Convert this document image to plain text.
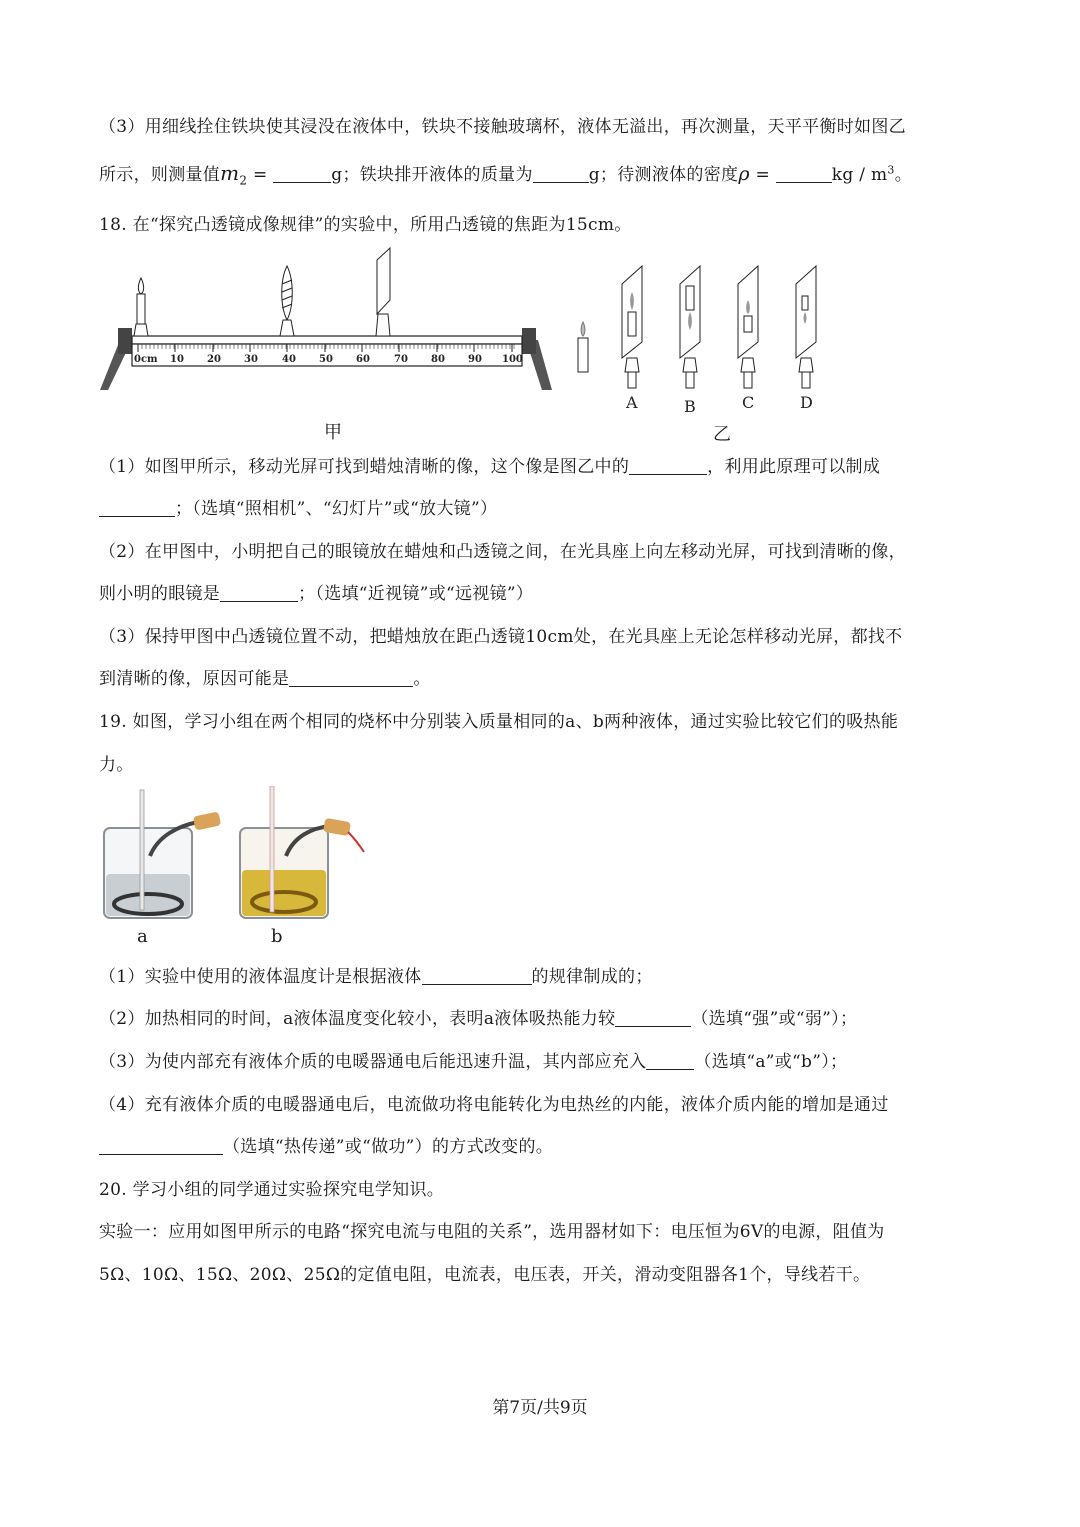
（3）用细线拴住铁块使其浸没在液体中，铁块不接触玻璃杯，液体无溢出，再次测量，天平平衡时如图乙
所示，则测量值$m_2$ =	g；铁块排开液体的质量为	g；待测液体的密度ρ =	kg / $m^3$。
18. 在“探究凸透镜成像规律”的实验中，所用凸透镜的焦距为15cm。
0cm 10 20 30 40 50 60 70 80 90 100
甲
A	B	C	D
乙
（1）如图甲所示，移动光屏可找到蜡烛清晰的像，这个像是图乙中的	，利用此原理可以制成
；（选填“照相机”、“幻灯片”或“放大镜”）
（2）在甲图中，小明把自己的眼镜放在蜡烛和凸透镜之间，在光具座上向左移动光屏，可找到清晰的像，
则小明的眼镜是	；（选填“近视镜”或“远视镜”）
（3）保持甲图中凸透镜位置不动，把蜡烛放在距凸透镜10cm处，在光具座上无论怎样移动光屏，都找不
到清晰的像，原因可能是	。
19. 如图，学习小组在两个相同的烧杯中分别装入质量相同的a、b两种液体，通过实验比较它们的吸热能
力。
a	b
（1）实验中使用的液体温度计是根据液体	的规律制成的；
（2）加热相同的时间，a液体温度变化较小，表明a液体吸热能力较	（选填“强”或“弱”）；
（3）为使内部充有液体介质的电暖器通电后能迅速升温，其内部应充入	（选填“a”或“b”）；
（4）充有液体介质的电暖器通电后，电流做功将电能转化为电热丝的内能，液体介质内能的增加是通过
（选填“热传递”或“做功”）的方式改变的。
20. 学习小组的同学通过实验探究电学知识。
实验一：应用如图甲所示的电路“探究电流与电阻的关系”，选用器材如下：电压恒为6V的电源，阻值为
5Ω、10Ω、15Ω、20Ω、25Ω的定值电阻，电流表，电压表，开关，滑动变阻器各1个，导线若干。
第7页/共9页
